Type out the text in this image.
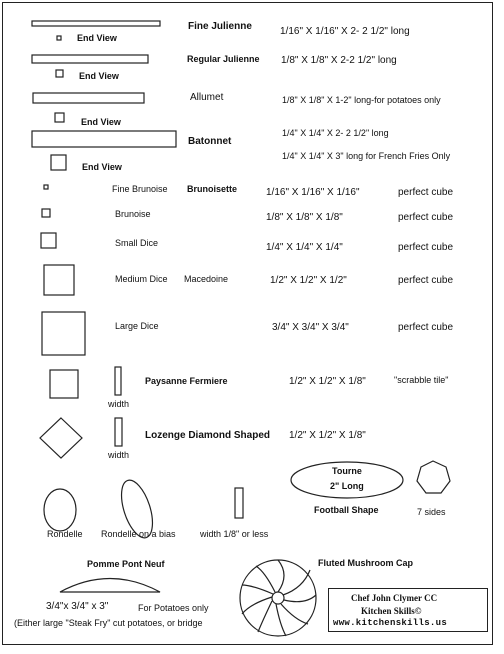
End View
Fine Julienne	1/16" X 1/16" X 2- 2 1/2" long
End View
Regular Julienne 1/8" X 1/8" X 2-2 1/2" long
End View
Allumet	1/8" X 1/8" X 1-2" long-for potatoes only
End View
Batonnet
1/4" X 1/4" X 2- 2 1/2" long
1/4" X 1/4" X 3" long for French Fries Only
Fine Brunoise Brunoisette	1/16" X 1/16" X 1/16"	perfect cube
Brunoise	1/8" X 1/8" X 1/8"	perfect cube
Small Dice	1/4" X 1/4" X 1/4"	perfect cube
Medium Dice Macedoine	1/2" X 1/2" X 1/2"	perfect cube
Large Dice	3/4" X 3/4" X 3/4"	perfect cube
width
Paysanne Fermiere	1/2" X 1/2" X 1/8"	"scrabble tile"
width
Lozenge Diamond Shaped 1/2" X 1/2" X 1/8"
Tourne
2" Long
Football Shape	7 sides
Rondelle Rondelle on a bias	width 1/8" or less
Pomme Pont Neuf
3/4"x 3/4" x 3"	For Potatoes only
(Either large "Steak Fry" cut potatoes, or bridge
Fluted Mushroom Cap
Chef John Clymer CC
Kitchen Skills©
www.kitchenskills.us
